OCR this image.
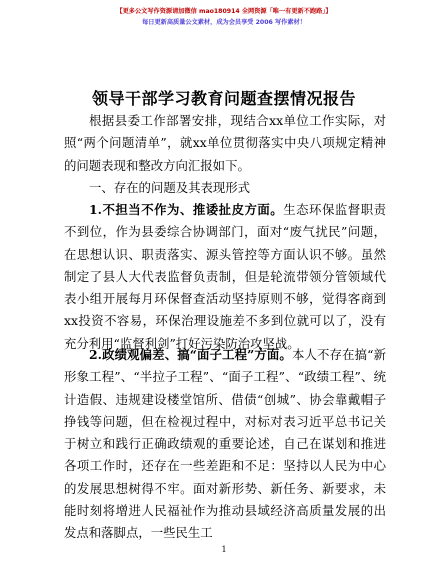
【更多公文写作资源请加微信 mao180914 全网资源「唯一有更新不跑路」】
每日更新高质量公文素材，成为会员享受 2006 写作素材！
领导干部学习教育问题查摆情况报告
根据县委工作部署安排，现结合xx单位工作实际，对照“两个问题清单”，就xx单位贯彻落实中央八项规定精神的问题表现和整改方向汇报如下。
一、存在的问题及其表现形式
1.不担当不作为、推诿扯皮方面。生态环保监督职责不到位，作为县委综合协调部门，面对“废气扰民”问题，在思想认识、职责落实、源头管控等方面认识不够。虽然制定了县人大代表监督负责制，但是轮流带领分管领域代表小组开展每月环保督查活动坚持原则不够，觉得客商到xx投资不容易，环保治理设施差不多到位就可以了，没有充分利用“监督利剑”打好污染防治攻坚战。
2.政绩观偏差、搞“面子工程”方面。本人不存在搞“新形象工程”、“半拉子工程”、“面子工程”、“政绩工程”、统计造假、违规建设楼堂馆所、借债“创城”、协会靠戴帽子挣钱等问题，但在检视过程中，对标对表习近平总书记关于树立和践行正确政绩观的重要论述，自己在谋划和推进各项工作时，还存在一些差距和不足：坚持以人民为中心的发展思想树得不牢。面对新形势、新任务、新要求，未能时刻将增进人民福祉作为推动县域经济高质量发展的出发点和落脚点，一些民生工
1
